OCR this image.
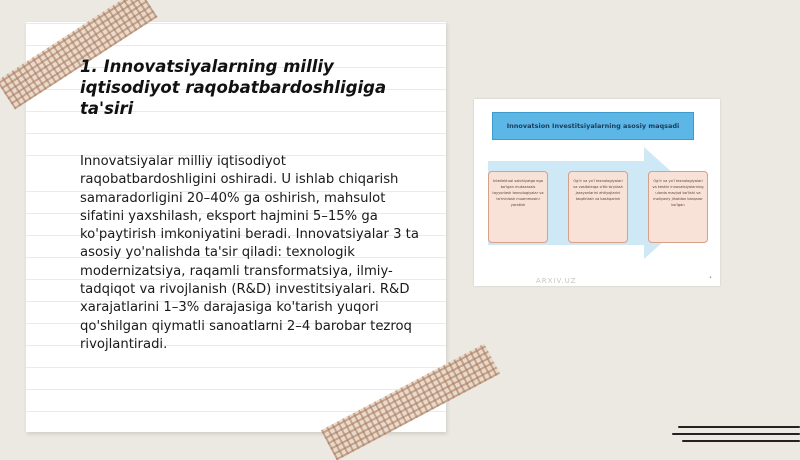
1. Innovatsiyalarning milliy iqtisodiyot raqobatbardoshligiga ta'siri

Innovatsiyalar milliy iqtisodiyot raqobatbardoshligini oshiradi. U ishlab chiqarish samaradorligini 20–40% ga oshirish, mahsulot sifatini yaxshilash, eksport hajmini 5–15% ga ko'paytirish imkoniyatini beradi. Innovatsiyalar 3 ta asosiy yo'nalishda ta'sir qiladi: texnologik modernizatsiya, raqamli transformatsiya, ilmiy-tadqiqot va rivojlanish (R&D) investitsiyalari. R&D xarajatlarini 1–3% darajasiga ko'tarish yuqori qo'shilgan qiymatli sanoatlarni 2–4 barobar tezroq rivojlantiradi.

Innovatsion Investitsiyalarning asosiy maqsadi
Intellektual salohiyatga ega bo'lgan mutaxassis tayyorlash texnologiyalar va ta'minlash muammosini yaratish
Og'ir va yo'l texnologiyalari va vositalarga o'tib to'plash jarayonlarini ehtiyojlarini taqdirlash va boshqarish
Og'ir va yo'l texnologiyalari va keskin innovatsiyalarning ularda mavjud bo'lishi va moliyaviy jihatdan barqaror bo'lgan
ARXIV.UZ	•
